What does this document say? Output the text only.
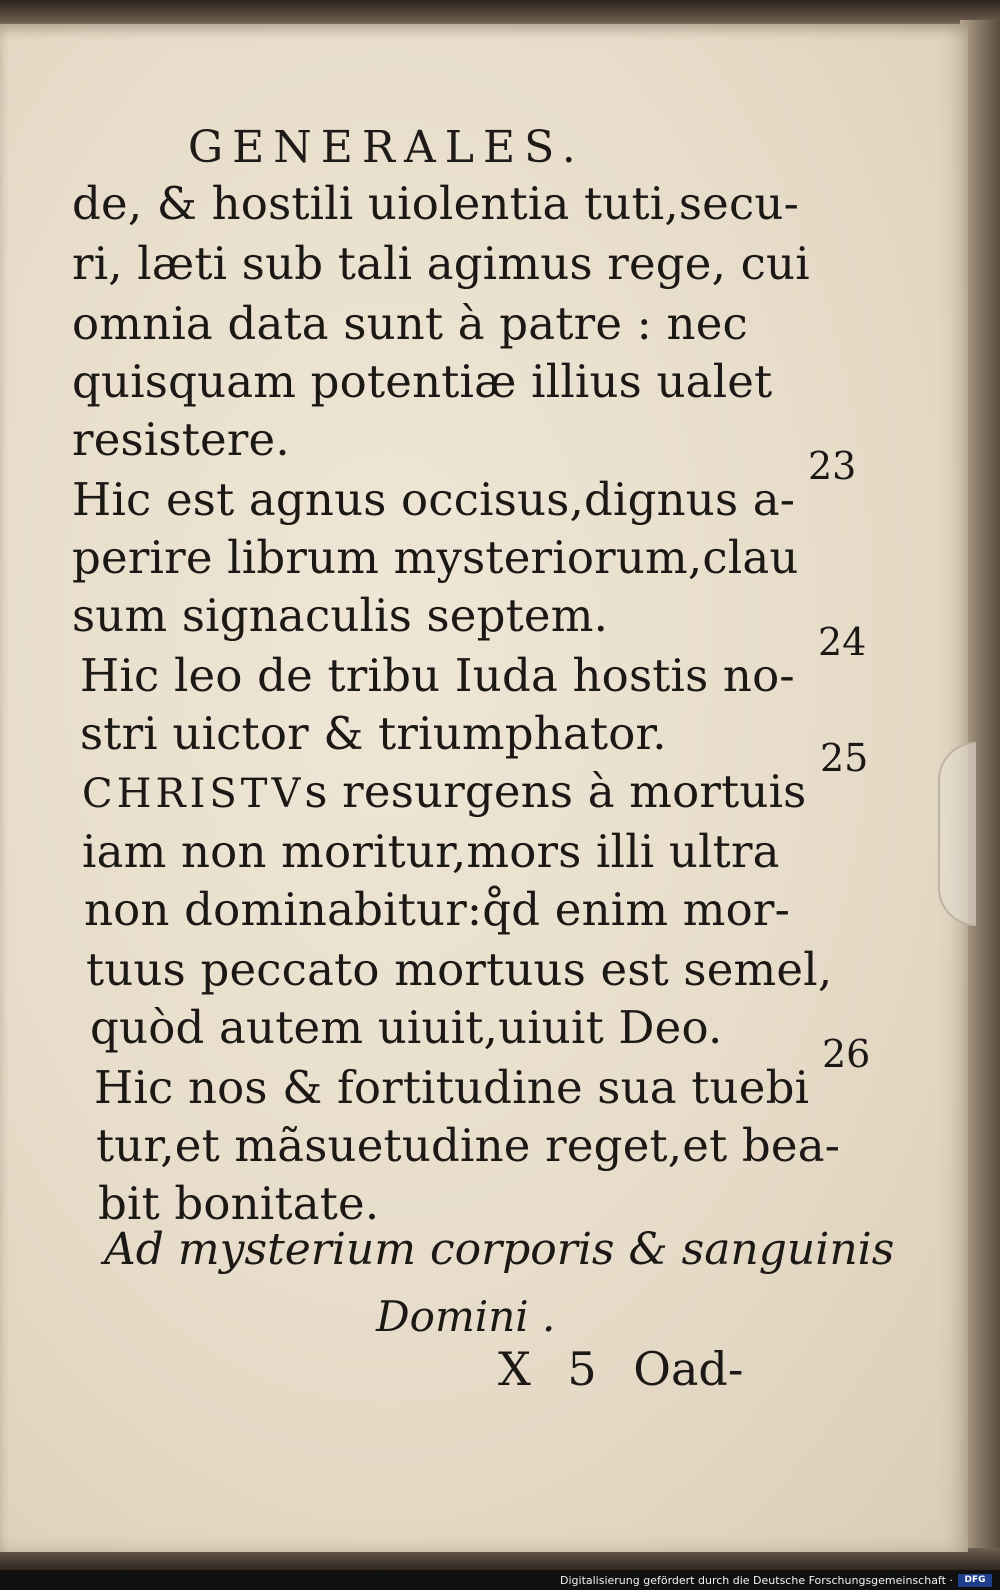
GENERALES.
de, & hostili uiolentia tuti,secu-
ri, læti sub tali agimus rege, cui
omnia data sunt à patre : nec
quisquam potentiæ illius ualet
resistere.
Hic est agnus occisus,dignus a-
perire librum mysteriorum,clau
sum signaculis septem.
Hic leo de tribu Iuda hostis no-
stri uictor & triumphator.
CHRISTVs resurgens à mortuis
iam non moritur,mors illi ultra
non dominabitur:q̊d enim mor-
tuus peccato mortuus est semel,
quòd autem uiuit,uiuit Deo.
Hic nos & fortitudine sua tuebi
tur,et mãsuetudine reget,et bea-
bit bonitate.
23
24
25
26
Ad mysterium corporis & sanguinis
Domini .
X 5 Oad-
Digitalisierung gefördert durch die Deutsche Forschungsgemeinschaft ·	DFG
